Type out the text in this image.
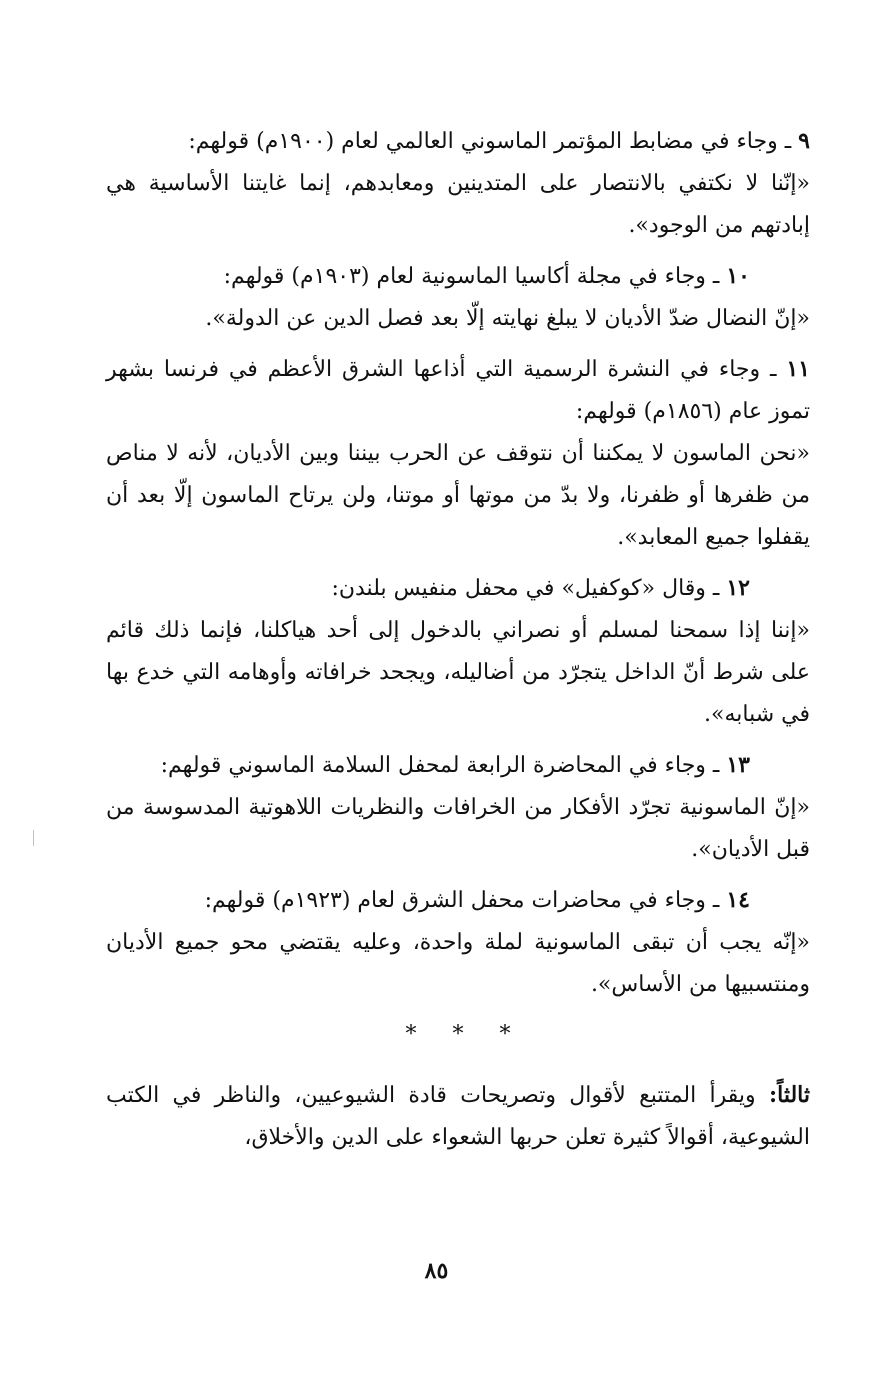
٩ ـ وجاء في مضابط المؤتمر الماسوني العالمي لعام (١٩٠٠م) قولهم:
«إنّنا لا نكتفي بالانتصار على المتدينين ومعابدهم، إنما غايتنا الأساسية هي إبادتهم من الوجود».
١٠ ـ وجاء في مجلة أكاسيا الماسونية لعام (١٩٠٣م) قولهم:
«إنّ النضال ضدّ الأديان لا يبلغ نهايته إلّا بعد فصل الدين عن الدولة».
١١ ـ وجاء في النشرة الرسمية التي أذاعها الشرق الأعظم في فرنسا بشهر تموز عام (١٨٥٦م) قولهم:
«نحن الماسون لا يمكننا أن نتوقف عن الحرب بيننا وبين الأديان، لأنه لا مناص من ظفرها أو ظفرنا، ولا بدّ من موتها أو موتنا، ولن يرتاح الماسون إلّا بعد أن يقفلوا جميع المعابد».
١٢ ـ وقال «كوكفيل» في محفل منفيس بلندن:
«إننا إذا سمحنا لمسلم أو نصراني بالدخول إلى أحد هياكلنا، فإنما ذلك قائم على شرط أنّ الداخل يتجرّد من أضاليله، ويجحد خرافاته وأوهامه التي خدع بها في شبابه».
١٣ ـ وجاء في المحاضرة الرابعة لمحفل السلامة الماسوني قولهم:
«إنّ الماسونية تجرّد الأفكار من الخرافات والنظريات اللاهوتية المدسوسة من قبل الأديان».
١٤ ـ وجاء في محاضرات محفل الشرق لعام (١٩٢٣م) قولهم:
«إنّه يجب أن تبقى الماسونية لملة واحدة، وعليه يقتضي محو جميع الأديان ومنتسبيها من الأساس».
* * *
ثالثاً: ويقرأ المتتبع لأقوال وتصريحات قادة الشيوعيين، والناظر في الكتب الشيوعية، أقوالاً كثيرة تعلن حربها الشعواء على الدين والأخلاق،
٨٥
